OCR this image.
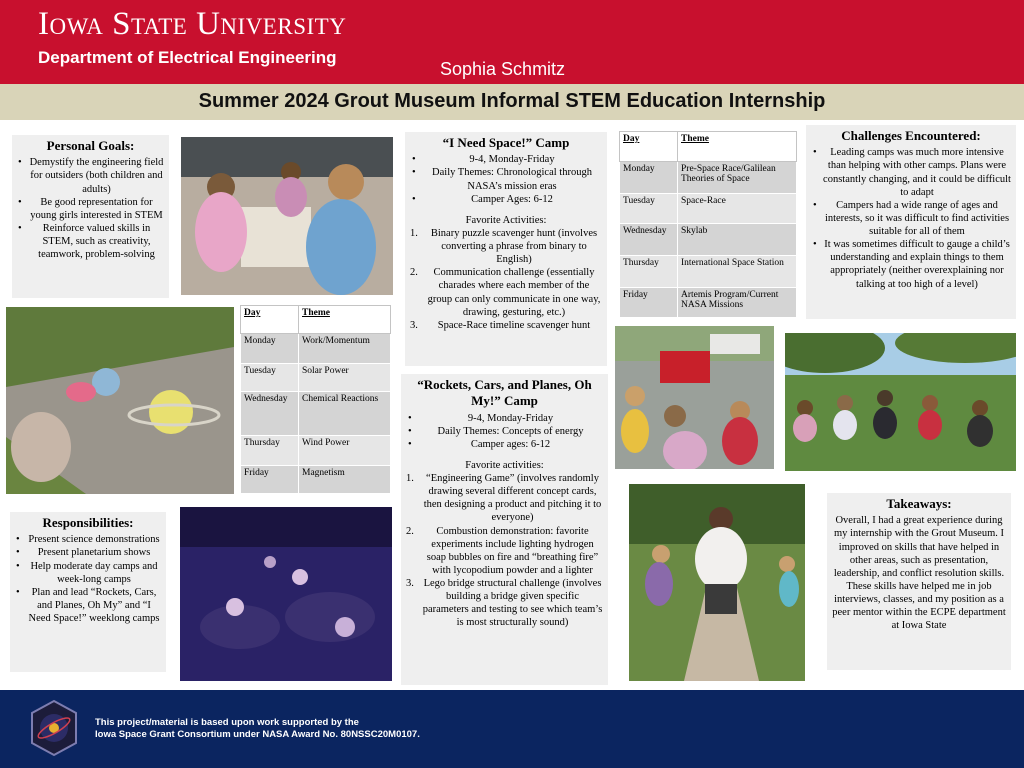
Iowa State University
Department of Electrical Engineering
Sophia Schmitz
Summer 2024 Grout Museum Informal STEM Education Internship
Personal Goals:
• Demystify the engineering field for outsiders (both children and adults)
• Be good representation for young girls interested in STEM
• Reinforce valued skills in STEM, such as creativity, teamwork, problem-solving
Day	Theme
Monday	Work/Momentum
Tuesday	Solar Power
Wednesday	Chemical Reactions
Thursday	Wind Power
Friday	Magnetism
Responsibilities:
• Present science demonstrations
• Present planetarium shows
• Help moderate day camps and week-long camps
• Plan and lead “Rockets, Cars, and Planes, Oh My” and “I Need Space!” weeklong camps
“I Need Space!” Camp
• 9-4, Monday-Friday
• Daily Themes: Chronological through NASA’s mission eras
• Camper Ages: 6-12
Favorite Activities:
1. Binary puzzle scavenger hunt (involves converting a phrase from binary to English)
2. Communication challenge (essentially charades where each member of the group can only communicate in one way, drawing, gesturing, etc.)
3. Space-Race timeline scavenger hunt
“Rockets, Cars, and Planes, Oh My!” Camp
• 9-4, Monday-Friday
• Daily Themes: Concepts of energy
• Camper ages: 6-12
Favorite activities:
1. “Engineering Game” (involves randomly drawing several different concept cards, then designing a product and pitching it to everyone)
2. Combustion demonstration: favorite experiments include lighting hydrogen soap bubbles on fire and “breathing fire” with lycopodium powder and a lighter
3. Lego bridge structural challenge (involves building a bridge given specific parameters and testing to see which team’s is most structurally sound)
Day	Theme
Monday	Pre-Space Race/Galilean Theories of Space
Tuesday	Space-Race
Wednesday	Skylab
Thursday	International Space Station
Friday	Artemis Program/Current NASA Missions
Challenges Encountered:
• Leading camps was much more intensive than helping with other camps. Plans were constantly changing, and it could be difficult to adapt
• Campers had a wide range of ages and interests, so it was difficult to find activities suitable for all of them
• It was sometimes difficult to gauge a child’s understanding and explain things to them appropriately (neither overexplaining nor talking at too high of a level)
Takeaways:

Overall, I had a great experience during my internship with the Grout Museum. I improved on skills that have helped in other areas, such as presentation, leadership, and conflict resolution skills. These skills have helped me in job interviews, classes, and my position as a peer mentor within the ECPE department at Iowa State

This project/material is based upon work supported by the
Iowa Space Grant Consortium under NASA Award No. 80NSSC20M0107.
